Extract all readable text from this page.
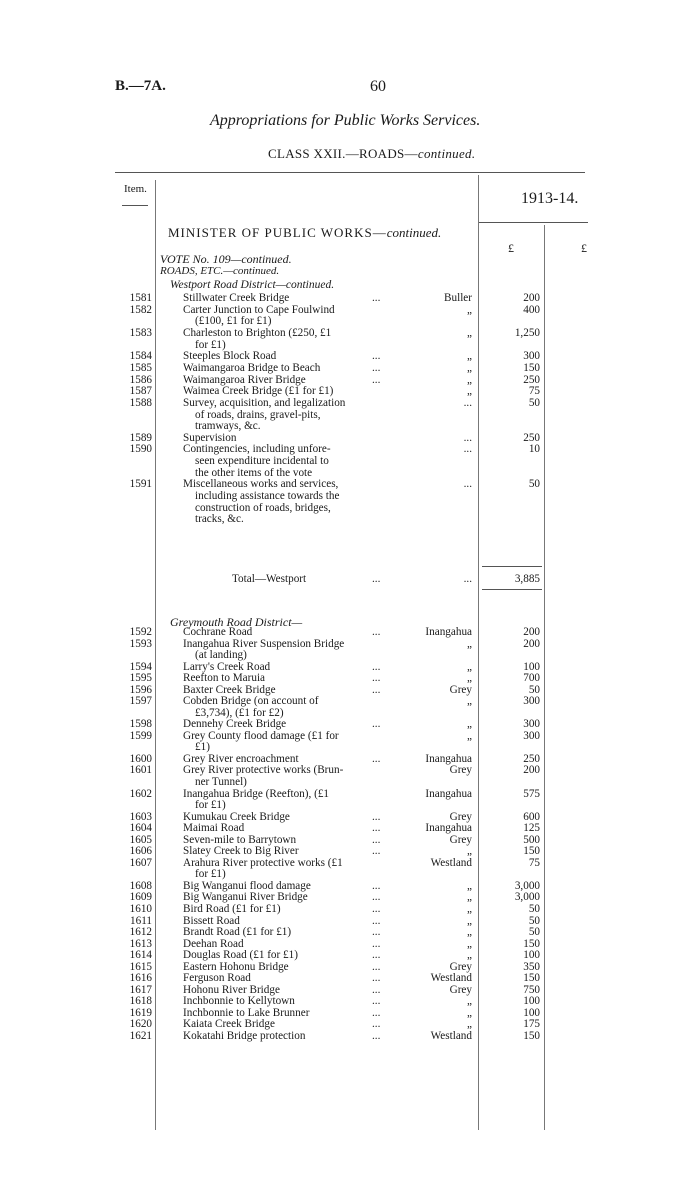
B.—7A.	60
Appropriations for Public Works Services.
CLASS XXII.—ROADS—continued.
Item.
1913-14.
£	£
MINISTER OF PUBLIC WORKS—continued.
VOTE No. 109—continued.
ROADS, ETC.—continued.
Westport Road District—continued.
1581	Stillwater Creek Bridge	...	Buller	200
1582	Carter Junction to Cape Foulwind	„	400
(£100, £1 for £1)
1583	Charleston to Brighton (£250, £1	„	1,250
for £1)
1584	Steeples Block Road	...	„	300
1585	Waimangaroa Bridge to Beach	...	„	150
1586	Waimangaroa River Bridge	...	„	250
1587	Waimea Creek Bridge (£1 for £1)	„	75
1588	Survey, acquisition, and legalization	...	50
of roads, drains, gravel-pits,
tramways, &c.
1589	Supervision	...	250
1590	Contingencies, including unfore-	...	10
seen expenditure incidental to
the other items of the vote
1591	Miscellaneous works and services,	...	50
including assistance towards the
construction of roads, bridges,
tracks, &c.
Total—Westport	...	...	3,885
Greymouth Road District—
1592	Cochrane Road	...	Inangahua	200
1593	Inangahua River Suspension Bridge	„	200
(at landing)
1594	Larry's Creek Road	...	„	100
1595	Reefton to Maruia	...	„	700
1596	Baxter Creek Bridge	...	Grey	50
1597	Cobden Bridge (on account of	„	300
£3,734), (£1 for £2)
1598	Dennehy Creek Bridge	...	„	300
1599	Grey County flood damage (£1 for	„	300
£1)
1600	Grey River encroachment	...	Inangahua	250
1601	Grey River protective works (Brun-	Grey	200
ner Tunnel)
1602	Inangahua Bridge (Reefton), (£1	Inangahua	575
for £1)
1603	Kumukau Creek Bridge	...	Grey	600
1604	Maimai Road	...	Inangahua	125
1605	Seven-mile to Barrytown	...	Grey	500
1606	Slatey Creek to Big River	...	„	150
1607	Arahura River protective works (£1	Westland	75
for £1)
1608	Big Wanganui flood damage	...	„	3,000
1609	Big Wanganui River Bridge	...	„	3,000
1610	Bird Road (£1 for £1)	...	„	50
1611	Bissett Road	...	„	50
1612	Brandt Road (£1 for £1)	...	„	50
1613	Deehan Road	...	„	150
1614	Douglas Road (£1 for £1)	...	„	100
1615	Eastern Hohonu Bridge	...	Grey	350
1616	Ferguson Road	...	Westland	150
1617	Hohonu River Bridge	...	Grey	750
1618	Inchbonnie to Kellytown	...	„	100
1619	Inchbonnie to Lake Brunner	...	„	100
1620	Kaiata Creek Bridge	...	„	175
1621	Kokatahi Bridge protection	...	Westland	150
